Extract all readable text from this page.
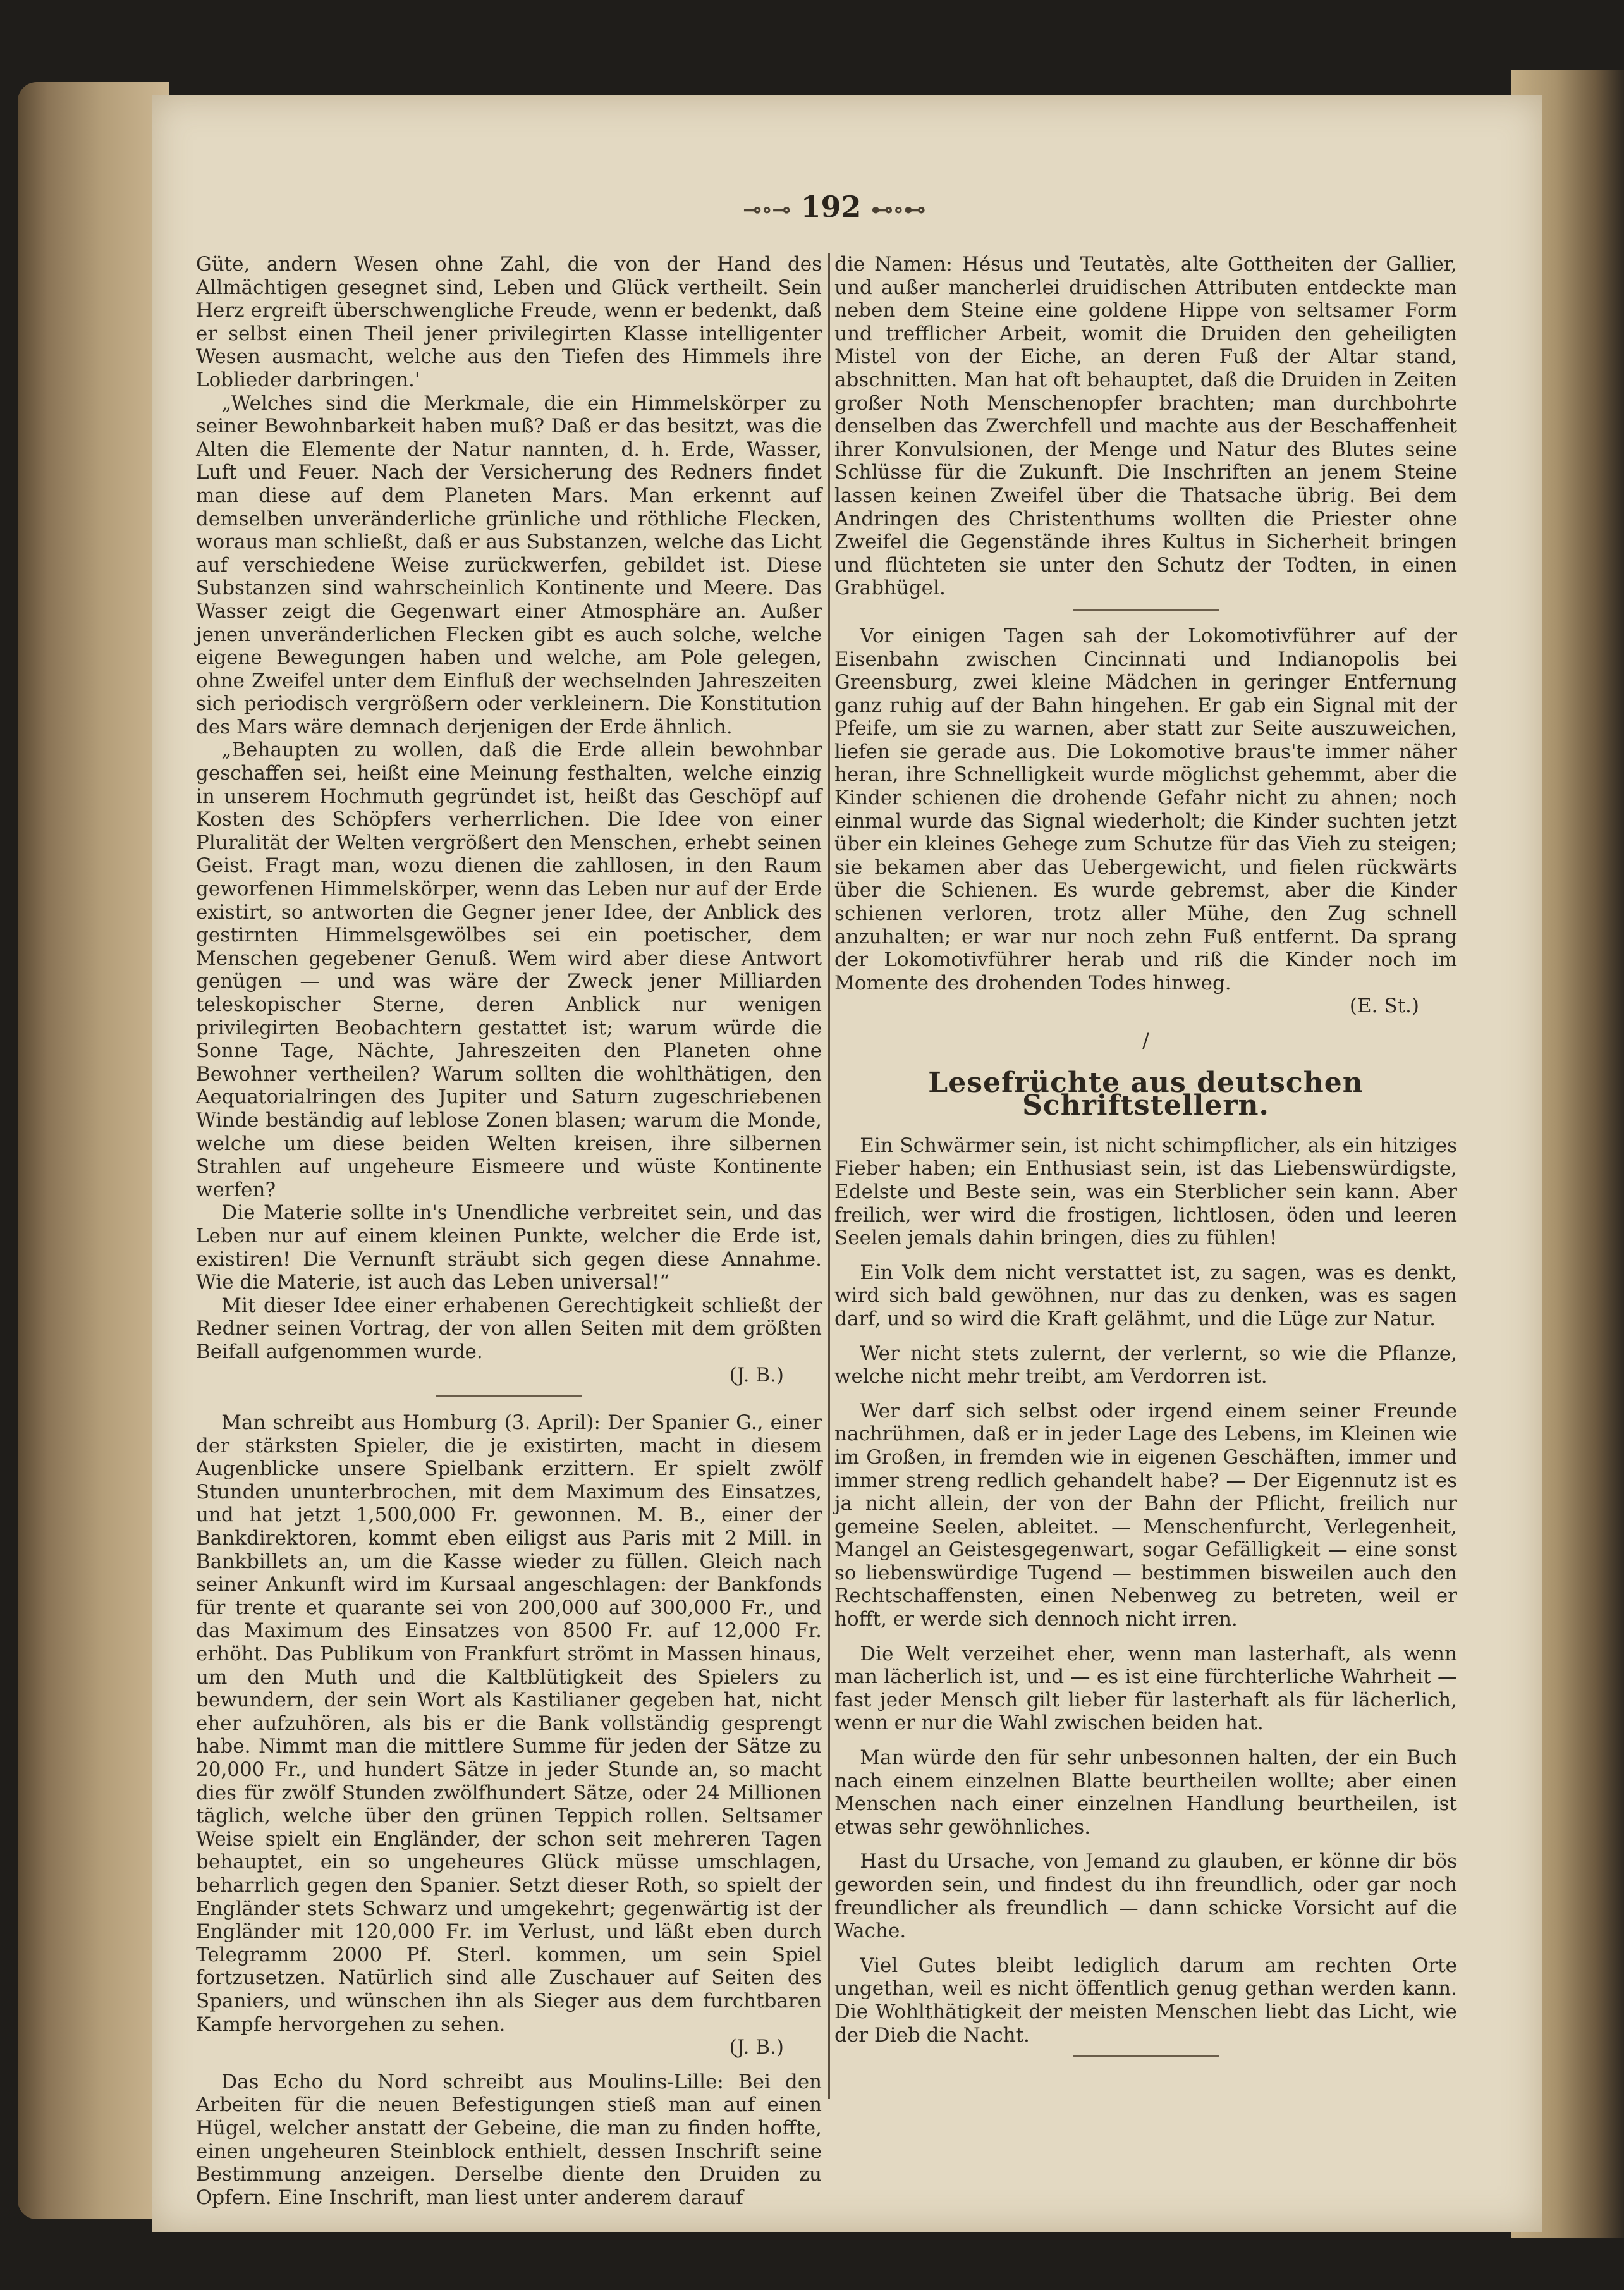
⊸∘⊸ 192 ⊷∘⊷

Güte, andern Wesen ohne Zahl, die von der Hand des Allmächtigen gesegnet sind, Leben und Glück vertheilt. Sein Herz ergreift überschwengliche Freude, wenn er bedenkt, daß er selbst einen Theil jener privilegirten Klasse intelligenter Wesen ausmacht, welche aus den Tiefen des Himmels ihre Loblieder darbringen.'

„Welches sind die Merkmale, die ein Himmelskörper zu seiner Bewohnbarkeit haben muß? Daß er das besitzt, was die Alten die Elemente der Natur nannten, d. h. Erde, Wasser, Luft und Feuer. Nach der Versicherung des Redners findet man diese auf dem Planeten Mars. Man erkennt auf demselben unveränderliche grünliche und röthliche Flecken, woraus man schließt, daß er aus Substanzen, welche das Licht auf verschiedene Weise zurückwerfen, gebildet ist. Diese Substanzen sind wahrscheinlich Kontinente und Meere. Das Wasser zeigt die Gegenwart einer Atmosphäre an. Außer jenen unveränderlichen Flecken gibt es auch solche, welche eigene Bewegungen haben und welche, am Pole gelegen, ohne Zweifel unter dem Einfluß der wechselnden Jahreszeiten sich periodisch vergrößern oder verkleinern. Die Konstitution des Mars wäre demnach derjenigen der Erde ähnlich.

„Behaupten zu wollen, daß die Erde allein bewohnbar geschaffen sei, heißt eine Meinung festhalten, welche einzig in unserem Hochmuth gegründet ist, heißt das Geschöpf auf Kosten des Schöpfers verherrlichen. Die Idee von einer Pluralität der Welten vergrößert den Menschen, erhebt seinen Geist. Fragt man, wozu dienen die zahllosen, in den Raum geworfenen Himmelskörper, wenn das Leben nur auf der Erde existirt, so antworten die Gegner jener Idee, der Anblick des gestirnten Himmelsgewölbes sei ein poetischer, dem Menschen gegebener Genuß. Wem wird aber diese Antwort genügen — und was wäre der Zweck jener Milliarden teleskopischer Sterne, deren Anblick nur wenigen privilegirten Beobachtern gestattet ist; warum würde die Sonne Tage, Nächte, Jahreszeiten den Planeten ohne Bewohner vertheilen? Warum sollten die wohlthätigen, den Aequatorialringen des Jupiter und Saturn zugeschriebenen Winde beständig auf leblose Zonen blasen; warum die Monde, welche um diese beiden Welten kreisen, ihre silbernen Strahlen auf ungeheure Eismeere und wüste Kontinente werfen?

Die Materie sollte in's Unendliche verbreitet sein, und das Leben nur auf einem kleinen Punkte, welcher die Erde ist, existiren! Die Vernunft sträubt sich gegen diese Annahme. Wie die Materie, ist auch das Leben universal!“

Mit dieser Idee einer erhabenen Gerechtigkeit schließt der Redner seinen Vortrag, der von allen Seiten mit dem größten Beifall aufgenommen wurde.

(J. B.)

Man schreibt aus Homburg (3. April): Der Spanier G., einer der stärksten Spieler, die je existirten, macht in diesem Augenblicke unsere Spielbank erzittern. Er spielt zwölf Stunden ununterbrochen, mit dem Maximum des Einsatzes, und hat jetzt 1,500,000 Fr. gewonnen. M. B., einer der Bankdirektoren, kommt eben eiligst aus Paris mit 2 Mill. in Bankbillets an, um die Kasse wieder zu füllen. Gleich nach seiner Ankunft wird im Kursaal angeschlagen: der Bankfonds für trente et quarante sei von 200,000 auf 300,000 Fr., und das Maximum des Einsatzes von 8500 Fr. auf 12,000 Fr. erhöht. Das Publikum von Frankfurt strömt in Massen hinaus, um den Muth und die Kaltblütigkeit des Spielers zu bewundern, der sein Wort als Kastilianer gegeben hat, nicht eher aufzuhören, als bis er die Bank vollständig gesprengt habe. Nimmt man die mittlere Summe für jeden der Sätze zu 20,000 Fr., und hundert Sätze in jeder Stunde an, so macht dies für zwölf Stunden zwölfhundert Sätze, oder 24 Millionen täglich, welche über den grünen Teppich rollen. Seltsamer Weise spielt ein Engländer, der schon seit mehreren Tagen behauptet, ein so ungeheures Glück müsse umschlagen, beharrlich gegen den Spanier. Setzt dieser Roth, so spielt der Engländer stets Schwarz und umgekehrt; gegenwärtig ist der Engländer mit 120,000 Fr. im Verlust, und läßt eben durch Telegramm 2000 Pf. Sterl. kommen, um sein Spiel fortzusetzen. Natürlich sind alle Zuschauer auf Seiten des Spaniers, und wünschen ihn als Sieger aus dem furchtbaren Kampfe hervorgehen zu sehen.

(J. B.)

Das Echo du Nord schreibt aus Moulins-Lille: Bei den Arbeiten für die neuen Befestigungen stieß man auf einen Hügel, welcher anstatt der Gebeine, die man zu finden hoffte, einen ungeheuren Steinblock enthielt, dessen Inschrift seine Bestimmung anzeigen. Derselbe diente den Druiden zu Opfern. Eine Inschrift, man liest unter anderem darauf

die Namen: Hésus und Teutatès, alte Gottheiten der Gallier, und außer mancherlei druidischen Attributen entdeckte man neben dem Steine eine goldene Hippe von seltsamer Form und trefflicher Arbeit, womit die Druiden den geheiligten Mistel von der Eiche, an deren Fuß der Altar stand, abschnitten. Man hat oft behauptet, daß die Druiden in Zeiten großer Noth Menschenopfer brachten; man durchbohrte denselben das Zwerchfell und machte aus der Beschaffenheit ihrer Konvulsionen, der Menge und Natur des Blutes seine Schlüsse für die Zukunft. Die Inschriften an jenem Steine lassen keinen Zweifel über die Thatsache übrig. Bei dem Andringen des Christenthums wollten die Priester ohne Zweifel die Gegenstände ihres Kultus in Sicherheit bringen und flüchteten sie unter den Schutz der Todten, in einen Grabhügel.

Vor einigen Tagen sah der Lokomotivführer auf der Eisenbahn zwischen Cincinnati und Indianopolis bei Greensburg, zwei kleine Mädchen in geringer Entfernung ganz ruhig auf der Bahn hingehen. Er gab ein Signal mit der Pfeife, um sie zu warnen, aber statt zur Seite auszuweichen, liefen sie gerade aus. Die Lokomotive braus'te immer näher heran, ihre Schnelligkeit wurde möglichst gehemmt, aber die Kinder schienen die drohende Gefahr nicht zu ahnen; noch einmal wurde das Signal wiederholt; die Kinder suchten jetzt über ein kleines Gehege zum Schutze für das Vieh zu steigen; sie bekamen aber das Uebergewicht, und fielen rückwärts über die Schienen. Es wurde gebremst, aber die Kinder schienen verloren, trotz aller Mühe, den Zug schnell anzuhalten; er war nur noch zehn Fuß entfernt. Da sprang der Lokomotivführer herab und riß die Kinder noch im Momente des drohenden Todes hinweg.

(E. St.)
/
Lesefrüchte aus deutschen Schriftstellern.

Ein Schwärmer sein, ist nicht schimpflicher, als ein hitziges Fieber haben; ein Enthusiast sein, ist das Liebenswürdigste, Edelste und Beste sein, was ein Sterblicher sein kann. Aber freilich, wer wird die frostigen, lichtlosen, öden und leeren Seelen jemals dahin bringen, dies zu fühlen!

Ein Volk dem nicht verstattet ist, zu sagen, was es denkt, wird sich bald gewöhnen, nur das zu denken, was es sagen darf, und so wird die Kraft gelähmt, und die Lüge zur Natur.

Wer nicht stets zulernt, der verlernt, so wie die Pflanze, welche nicht mehr treibt, am Verdorren ist.

Wer darf sich selbst oder irgend einem seiner Freunde nachrühmen, daß er in jeder Lage des Lebens, im Kleinen wie im Großen, in fremden wie in eigenen Geschäften, immer und immer streng redlich gehandelt habe? — Der Eigennutz ist es ja nicht allein, der von der Bahn der Pflicht, freilich nur gemeine Seelen, ableitet. — Menschenfurcht, Verlegenheit, Mangel an Geistesgegenwart, sogar Gefälligkeit — eine sonst so liebenswürdige Tugend — bestimmen bisweilen auch den Rechtschaffensten, einen Nebenweg zu betreten, weil er hofft, er werde sich dennoch nicht irren.

Die Welt verzeihet eher, wenn man lasterhaft, als wenn man lächerlich ist, und — es ist eine fürchterliche Wahrheit — fast jeder Mensch gilt lieber für lasterhaft als für lächerlich, wenn er nur die Wahl zwischen beiden hat.

Man würde den für sehr unbesonnen halten, der ein Buch nach einem einzelnen Blatte beurtheilen wollte; aber einen Menschen nach einer einzelnen Handlung beurtheilen, ist etwas sehr gewöhnliches.

Hast du Ursache, von Jemand zu glauben, er könne dir bös geworden sein, und findest du ihn freundlich, oder gar noch freundlicher als freundlich — dann schicke Vorsicht auf die Wache.

Viel Gutes bleibt lediglich darum am rechten Orte ungethan, weil es nicht öffentlich genug gethan werden kann. Die Wohlthätigkeit der meisten Menschen liebt das Licht, wie der Dieb die Nacht.
